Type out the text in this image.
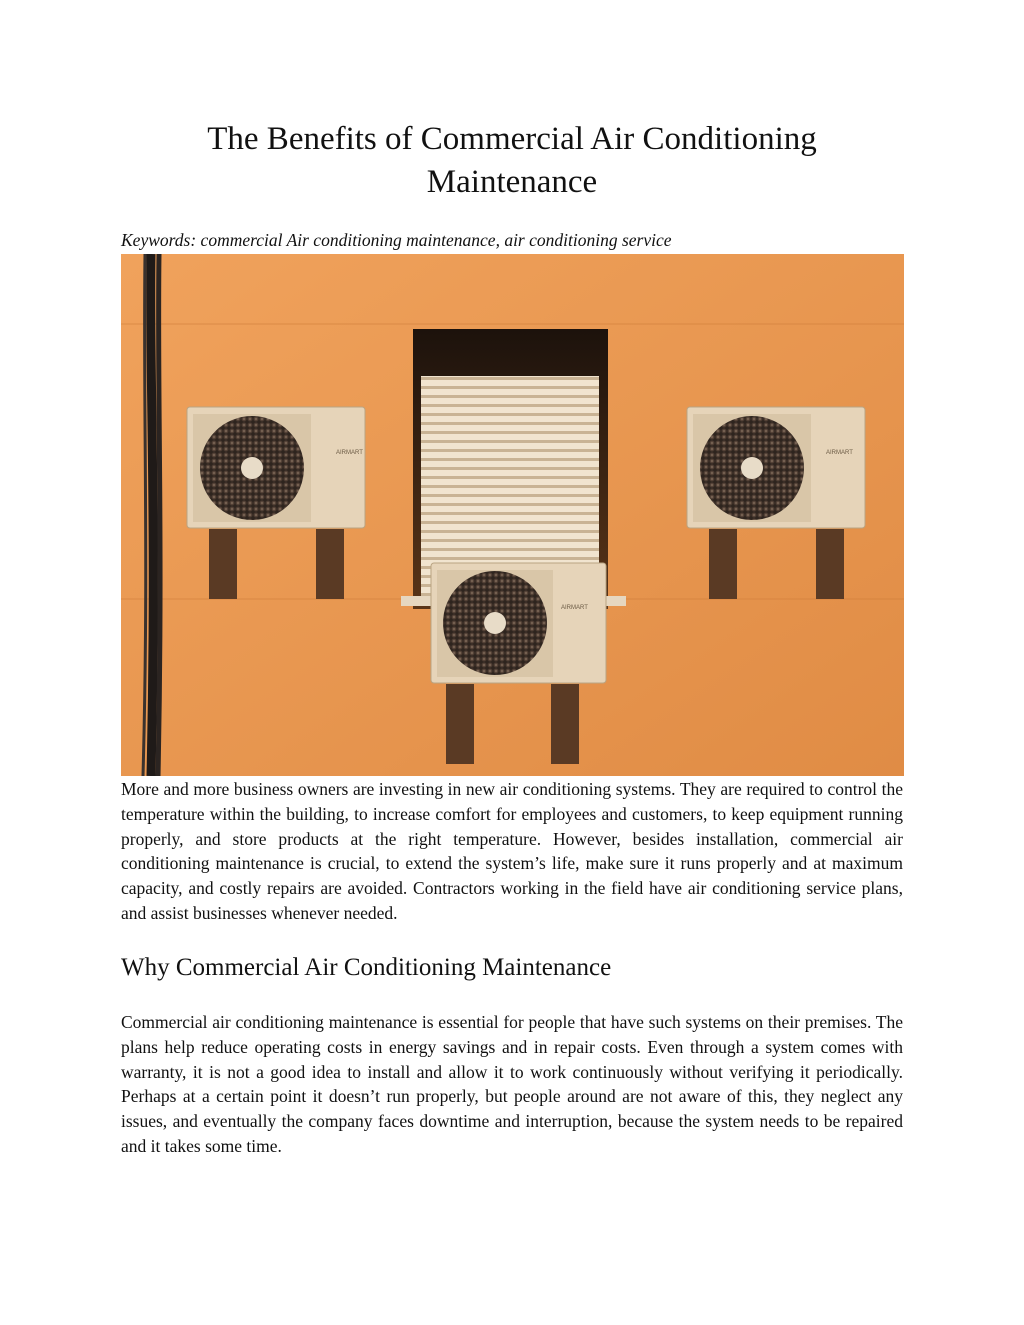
The Benefits of Commercial Air Conditioning Maintenance

Keywords: commercial Air conditioning maintenance, air conditioning service

AIRMART	AIRMART
AIRMART

More and more business owners are investing in new air conditioning systems. They are required to control the temperature within the building, to increase comfort for employees and customers, to keep equipment running properly, and store products at the right temperature. However, besides installation, commercial air conditioning maintenance is crucial, to extend the system’s life, make sure it runs properly and at maximum capacity, and costly repairs are avoided. Contractors working in the field have air conditioning service plans, and assist businesses whenever needed.

Why Commercial Air Conditioning Maintenance

Commercial air conditioning maintenance is essential for people that have such systems on their premises. The plans help reduce operating costs in energy savings and in repair costs. Even through a system comes with warranty, it is not a good idea to install and allow it to work continuously without verifying it periodically. Perhaps at a certain point it doesn’t run properly, but people around are not aware of this, they neglect any issues, and eventually the company faces downtime and interruption, because the system needs to be repaired and it takes some time.
